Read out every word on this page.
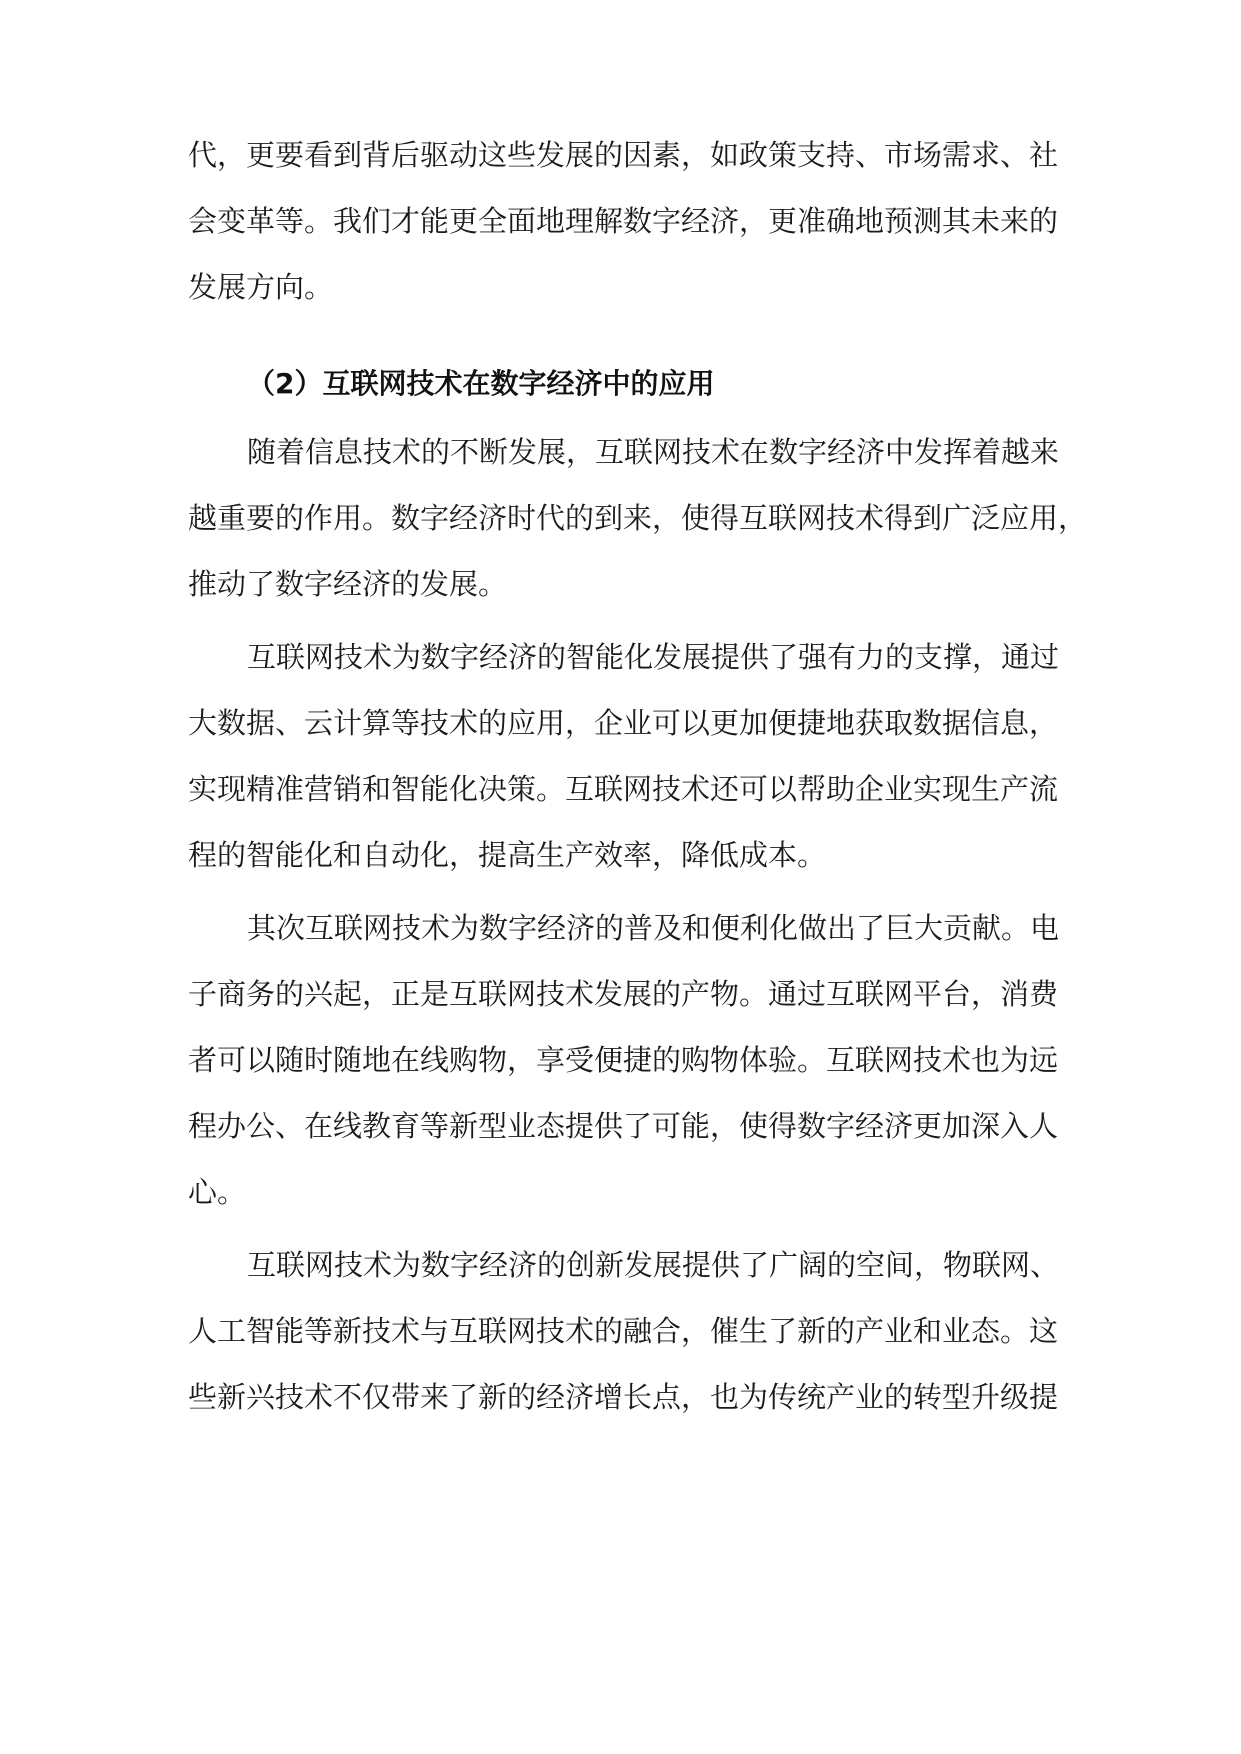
代，更要看到背后驱动这些发展的因素，如政策支持、市场需求、社

会变革等。我们才能更全面地理解数字经济，更准确地预测其未来的

发展方向。

（2）互联网技术在数字经济中的应用

随着信息技术的不断发展，互联网技术在数字经济中发挥着越来

越重要的作用。数字经济时代的到来，使得互联网技术得到广泛应用，

推动了数字经济的发展。

互联网技术为数字经济的智能化发展提供了强有力的支撑，通过

大数据、云计算等技术的应用，企业可以更加便捷地获取数据信息，

实现精准营销和智能化决策。互联网技术还可以帮助企业实现生产流

程的智能化和自动化，提高生产效率，降低成本。

其次互联网技术为数字经济的普及和便利化做出了巨大贡献。电

子商务的兴起，正是互联网技术发展的产物。通过互联网平台，消费

者可以随时随地在线购物，享受便捷的购物体验。互联网技术也为远

程办公、在线教育等新型业态提供了可能，使得数字经济更加深入人

心。

互联网技术为数字经济的创新发展提供了广阔的空间，物联网、

人工智能等新技术与互联网技术的融合，催生了新的产业和业态。这

些新兴技术不仅带来了新的经济增长点，也为传统产业的转型升级提
